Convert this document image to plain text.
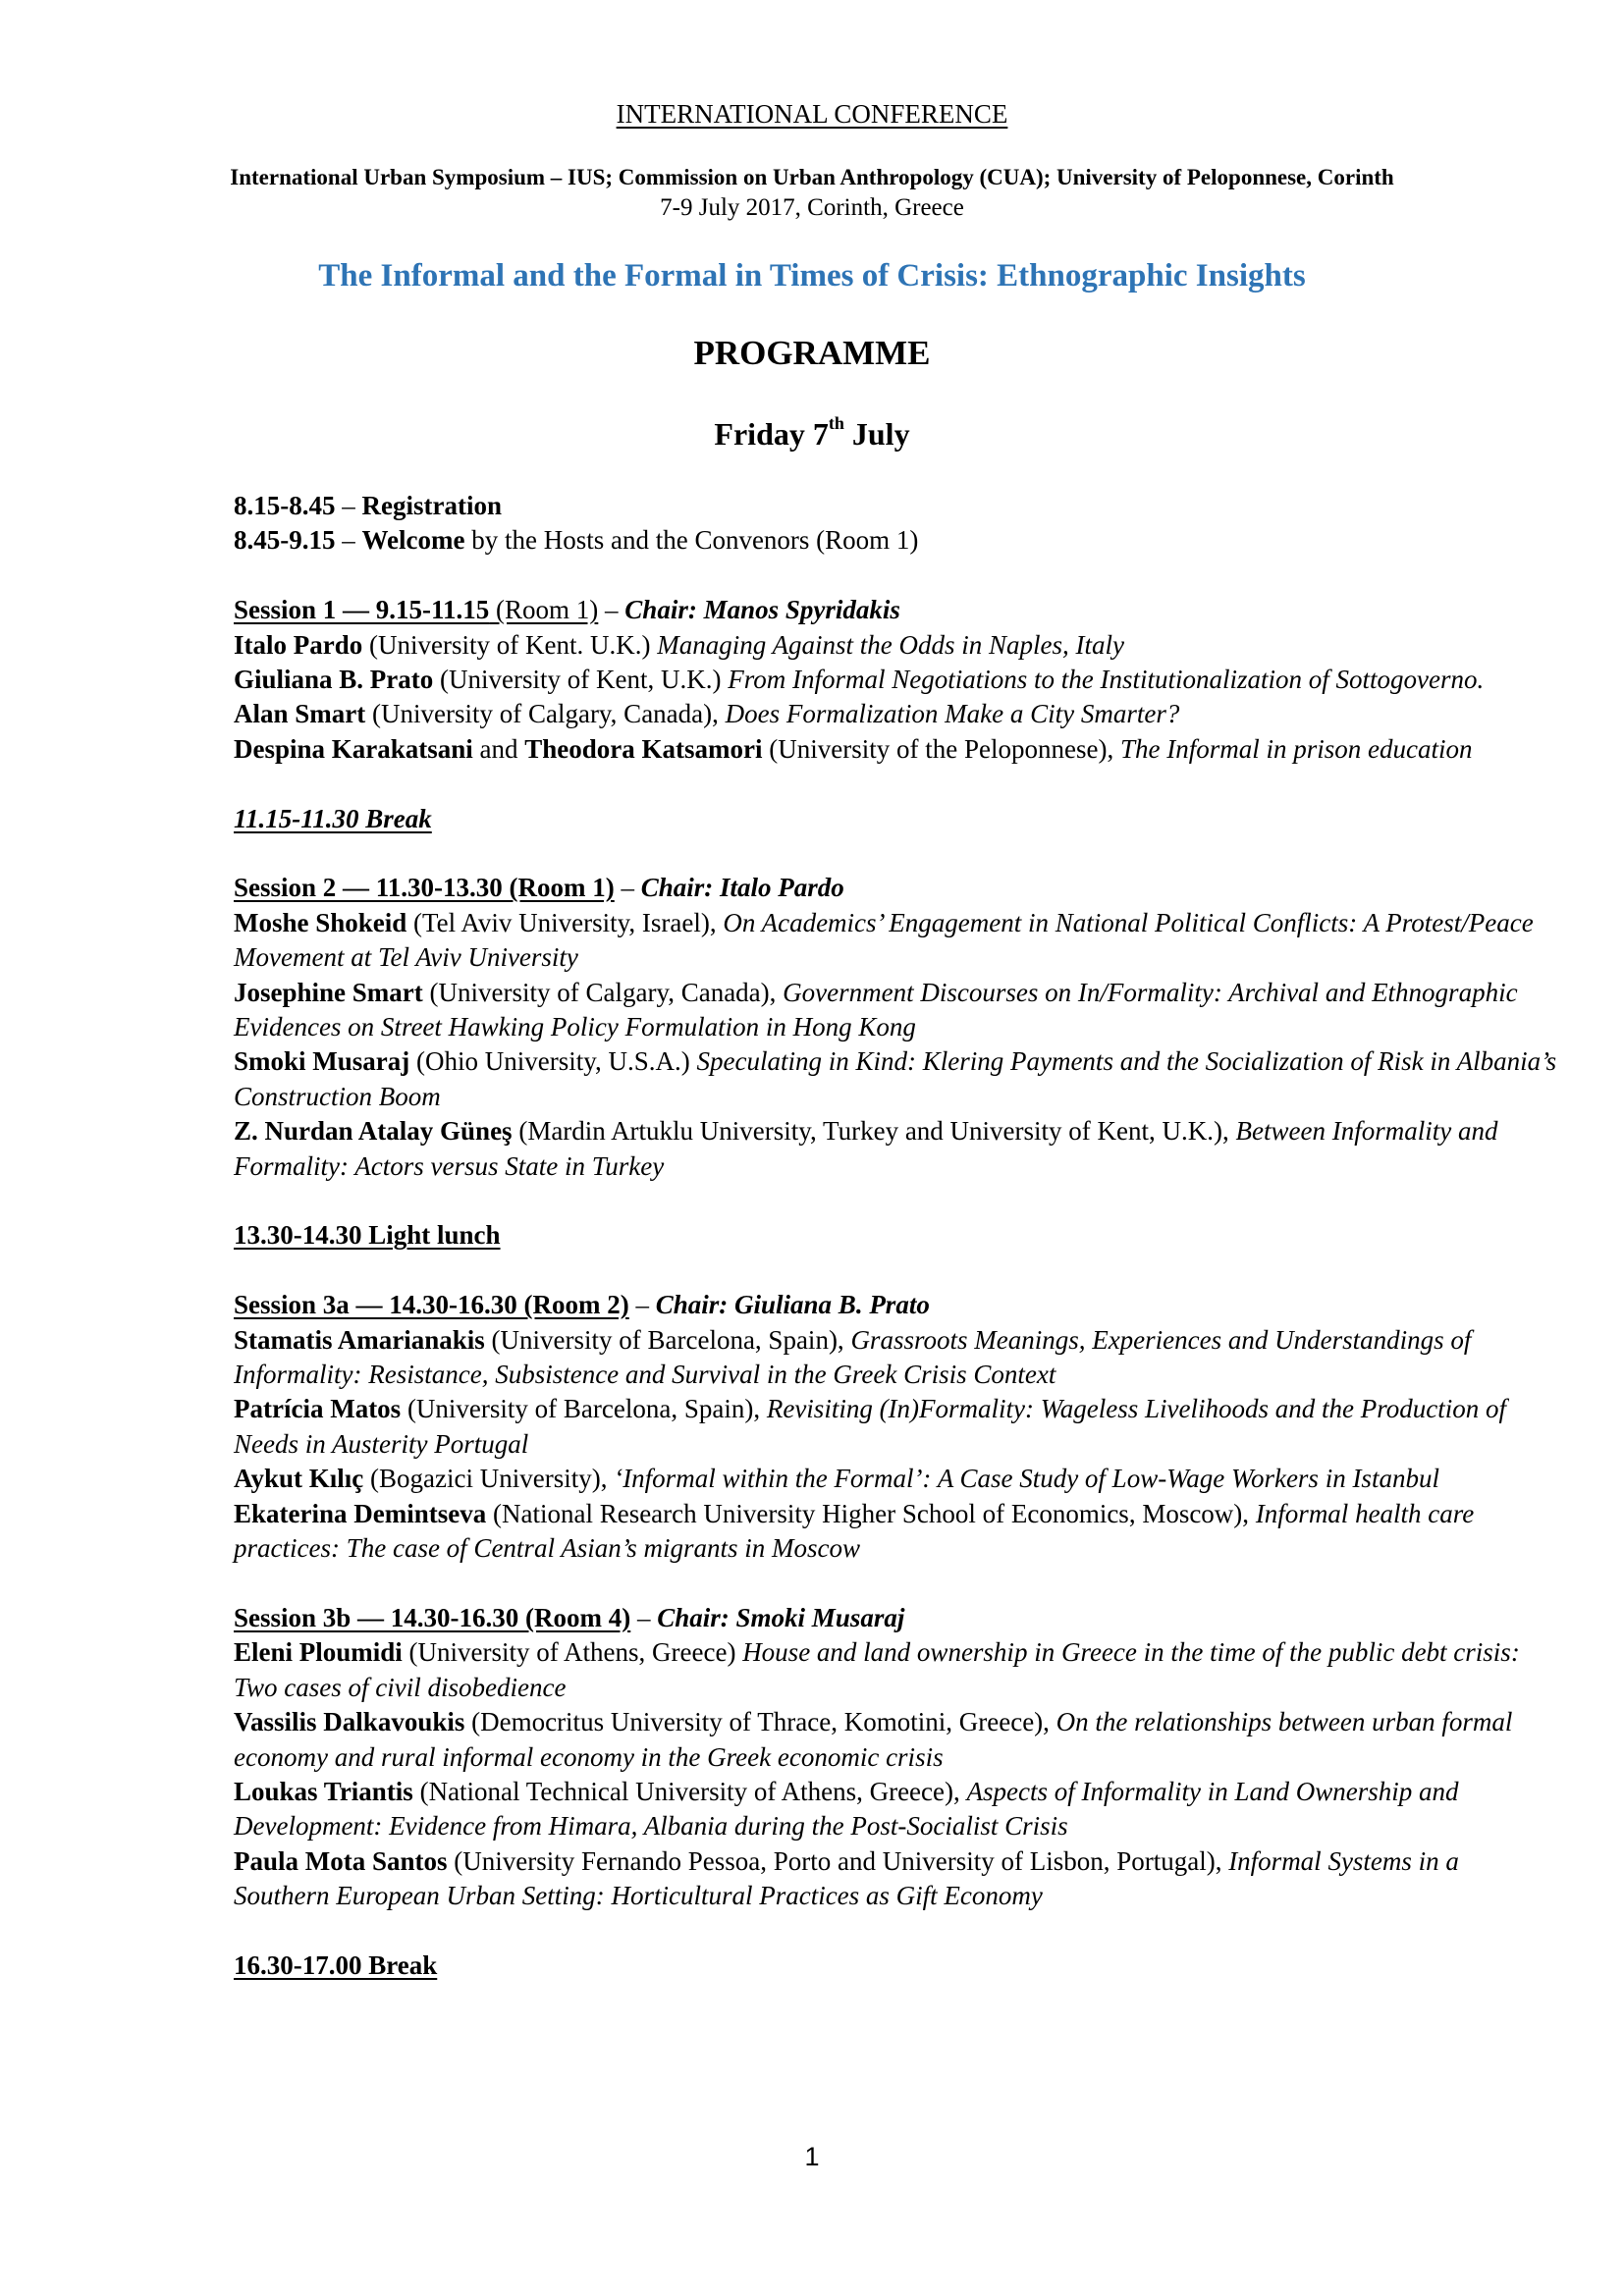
INTERNATIONAL CONFERENCE
International Urban Symposium – IUS; Commission on Urban Anthropology (CUA); University of Peloponnese, Corinth
7-9 July 2017, Corinth, Greece
The Informal and the Formal in Times of Crisis: Ethnographic Insights
PROGRAMME
Friday 7th July
8.15-8.45 – Registration
8.45-9.15 – Welcome by the Hosts and the Convenors (Room 1)
Session 1 — 9.15-11.15 (Room 1) – Chair: Manos Spyridakis
Italo Pardo (University of Kent. U.K.) Managing Against the Odds in Naples, Italy
Giuliana B. Prato (University of Kent, U.K.) From Informal Negotiations to the Institutionalization of Sottogoverno.
Alan Smart (University of Calgary, Canada), Does Formalization Make a City Smarter?
Despina Karakatsani and Theodora Katsamori (University of the Peloponnese), The Informal in prison education
11.15-11.30 Break
Session 2 — 11.30-13.30 (Room 1) – Chair: Italo Pardo
Moshe Shokeid (Tel Aviv University, Israel), On Academics’ Engagement in National Political Conflicts: A Protest/Peace Movement at Tel Aviv University
Josephine Smart (University of Calgary, Canada), Government Discourses on In/Formality: Archival and Ethnographic Evidences on Street Hawking Policy Formulation in Hong Kong
Smoki Musaraj (Ohio University, U.S.A.) Speculating in Kind: Klering Payments and the Socialization of Risk in Albania’s Construction Boom
Z. Nurdan Atalay Güneş (Mardin Artuklu University, Turkey and University of Kent, U.K.), Between Informality and Formality: Actors versus State in Turkey
13.30-14.30 Light lunch
Session 3a — 14.30-16.30 (Room 2) – Chair: Giuliana B. Prato
Stamatis Amarianakis (University of Barcelona, Spain), Grassroots Meanings, Experiences and Understandings of Informality: Resistance, Subsistence and Survival in the Greek Crisis Context
Patrícia Matos (University of Barcelona, Spain), Revisiting (In)Formality: Wageless Livelihoods and the Production of Needs in Austerity Portugal
Aykut Kılıç (Bogazici University), ‘Informal within the Formal’: A Case Study of Low-Wage Workers in Istanbul
Ekaterina Demintseva (National Research University Higher School of Economics, Moscow), Informal health care practices: The case of Central Asian’s migrants in Moscow
Session 3b — 14.30-16.30 (Room 4) – Chair: Smoki Musaraj
Eleni Ploumidi (University of Athens, Greece) House and land ownership in Greece in the time of the public debt crisis: Two cases of civil disobedience
Vassilis Dalkavoukis (Democritus University of Thrace, Komotini, Greece), On the relationships between urban formal economy and rural informal economy in the Greek economic crisis
Loukas Triantis (National Technical University of Athens, Greece), Aspects of Informality in Land Ownership and Development: Evidence from Himara, Albania during the Post-Socialist Crisis
Paula Mota Santos (University Fernando Pessoa, Porto and University of Lisbon, Portugal), Informal Systems in a Southern European Urban Setting: Horticultural Practices as Gift Economy
16.30-17.00 Break
1
